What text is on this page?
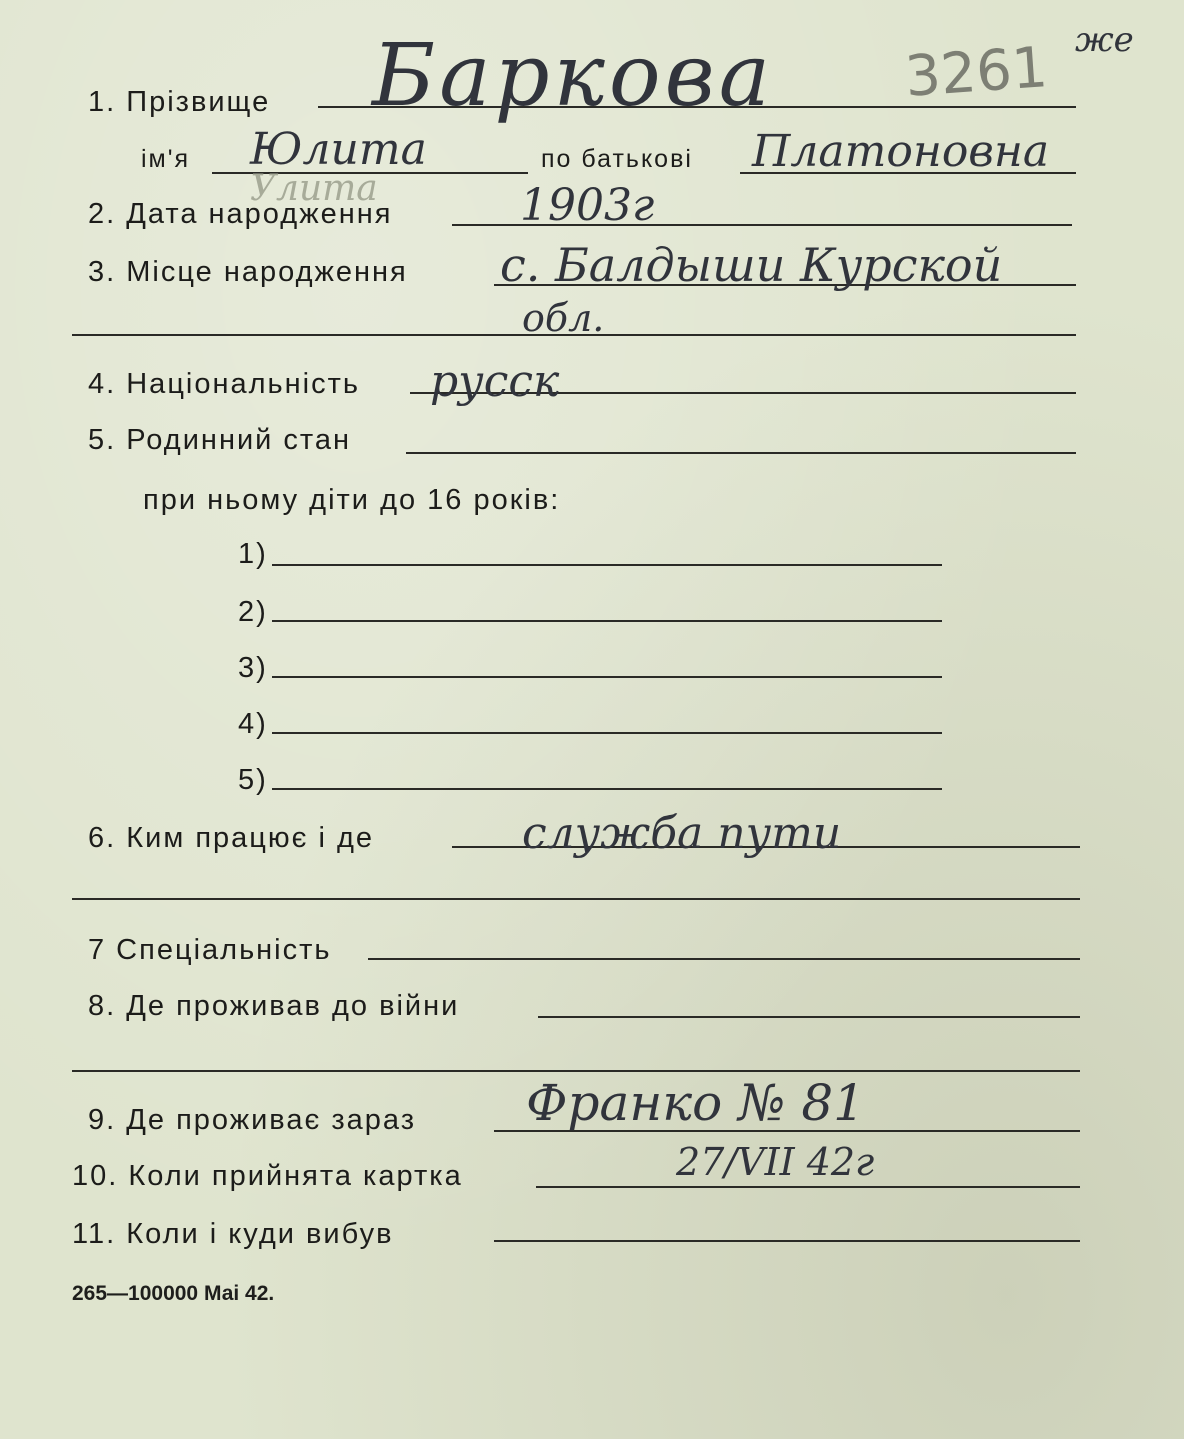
3261 же
1. Прізвище Баркова
ім'я Юлита
Улита
по батькові Платоновна
2. Дата народження	1903г
3. Місце народження с. Балдыши Курской
обл.
4. Національність русск
5. Родинний стан
при ньому діти до 16 років:
1)
2)
3)
4)
5)
6. Ким працює і де	служба пути
7 Спеціальність
8. Де проживав до війни
9. Де проживає зараз Франко № 81
10. Коли прийнята картка	27/VII 42г
11. Коли і куди вибув
265—100000 Маі 42.
